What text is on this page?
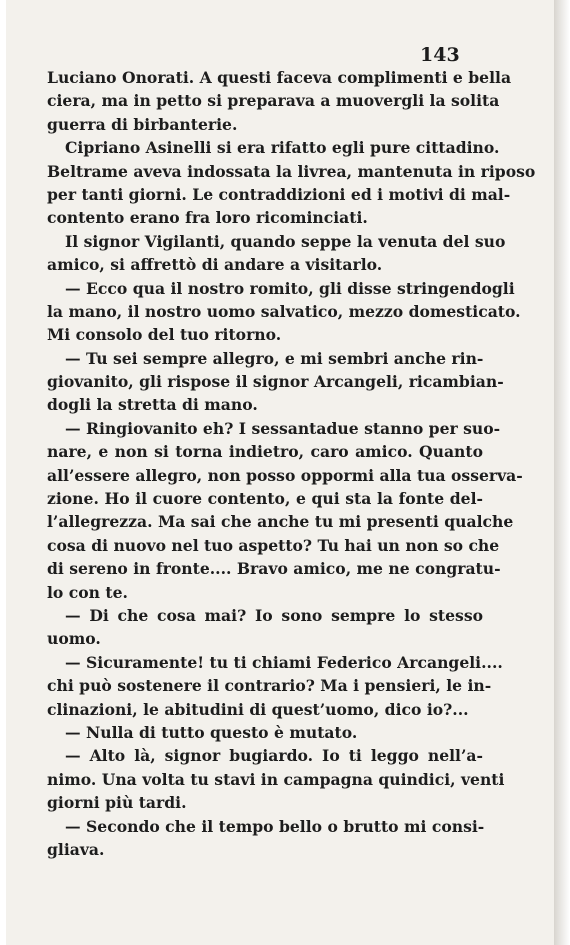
143
Luciano Onorati. A questi faceva complimenti e bella
ciera, ma in petto si preparava a muovergli la solita
guerra di birbanterie.
Cipriano Asinelli si era rifatto egli pure cittadino.
Beltrame aveva indossata la livrea, mantenuta in riposo
per tanti giorni. Le contraddizioni ed i motivi di mal-
contento erano fra loro ricominciati.
Il signor Vigilanti, quando seppe la venuta del suo
amico, si affrettò di andare a visitarlo.
— Ecco qua il nostro romito, gli disse stringendogli
la mano, il nostro uomo salvatico, mezzo domesticato.
Mi consolo del tuo ritorno.
— Tu sei sempre allegro, e mi sembri anche rin-
giovanito, gli rispose il signor Arcangeli, ricambian-
dogli la stretta di mano.
— Ringiovanito eh? I sessantadue stanno per suo-
nare, e non si torna indietro, caro amico. Quanto
all’essere allegro, non posso oppormi alla tua osserva-
zione. Ho il cuore contento, e qui sta la fonte del-
l’allegrezza. Ma sai che anche tu mi presenti qualche
cosa di nuovo nel tuo aspetto? Tu hai un non so che
di sereno in fronte.... Bravo amico, me ne congratu-
lo con te.
— Di che cosa mai? Io sono sempre lo stesso
uomo.
— Sicuramente! tu ti chiami Federico Arcangeli....
chi può sostenere il contrario? Ma i pensieri, le in-
clinazioni, le abitudini di quest’uomo, dico io?...
— Nulla di tutto questo è mutato.
— Alto là, signor bugiardo. Io ti leggo nell’a-
nimo. Una volta tu stavi in campagna quindici, venti
giorni più tardi.
— Secondo che il tempo bello o brutto mi consi-
gliava.
